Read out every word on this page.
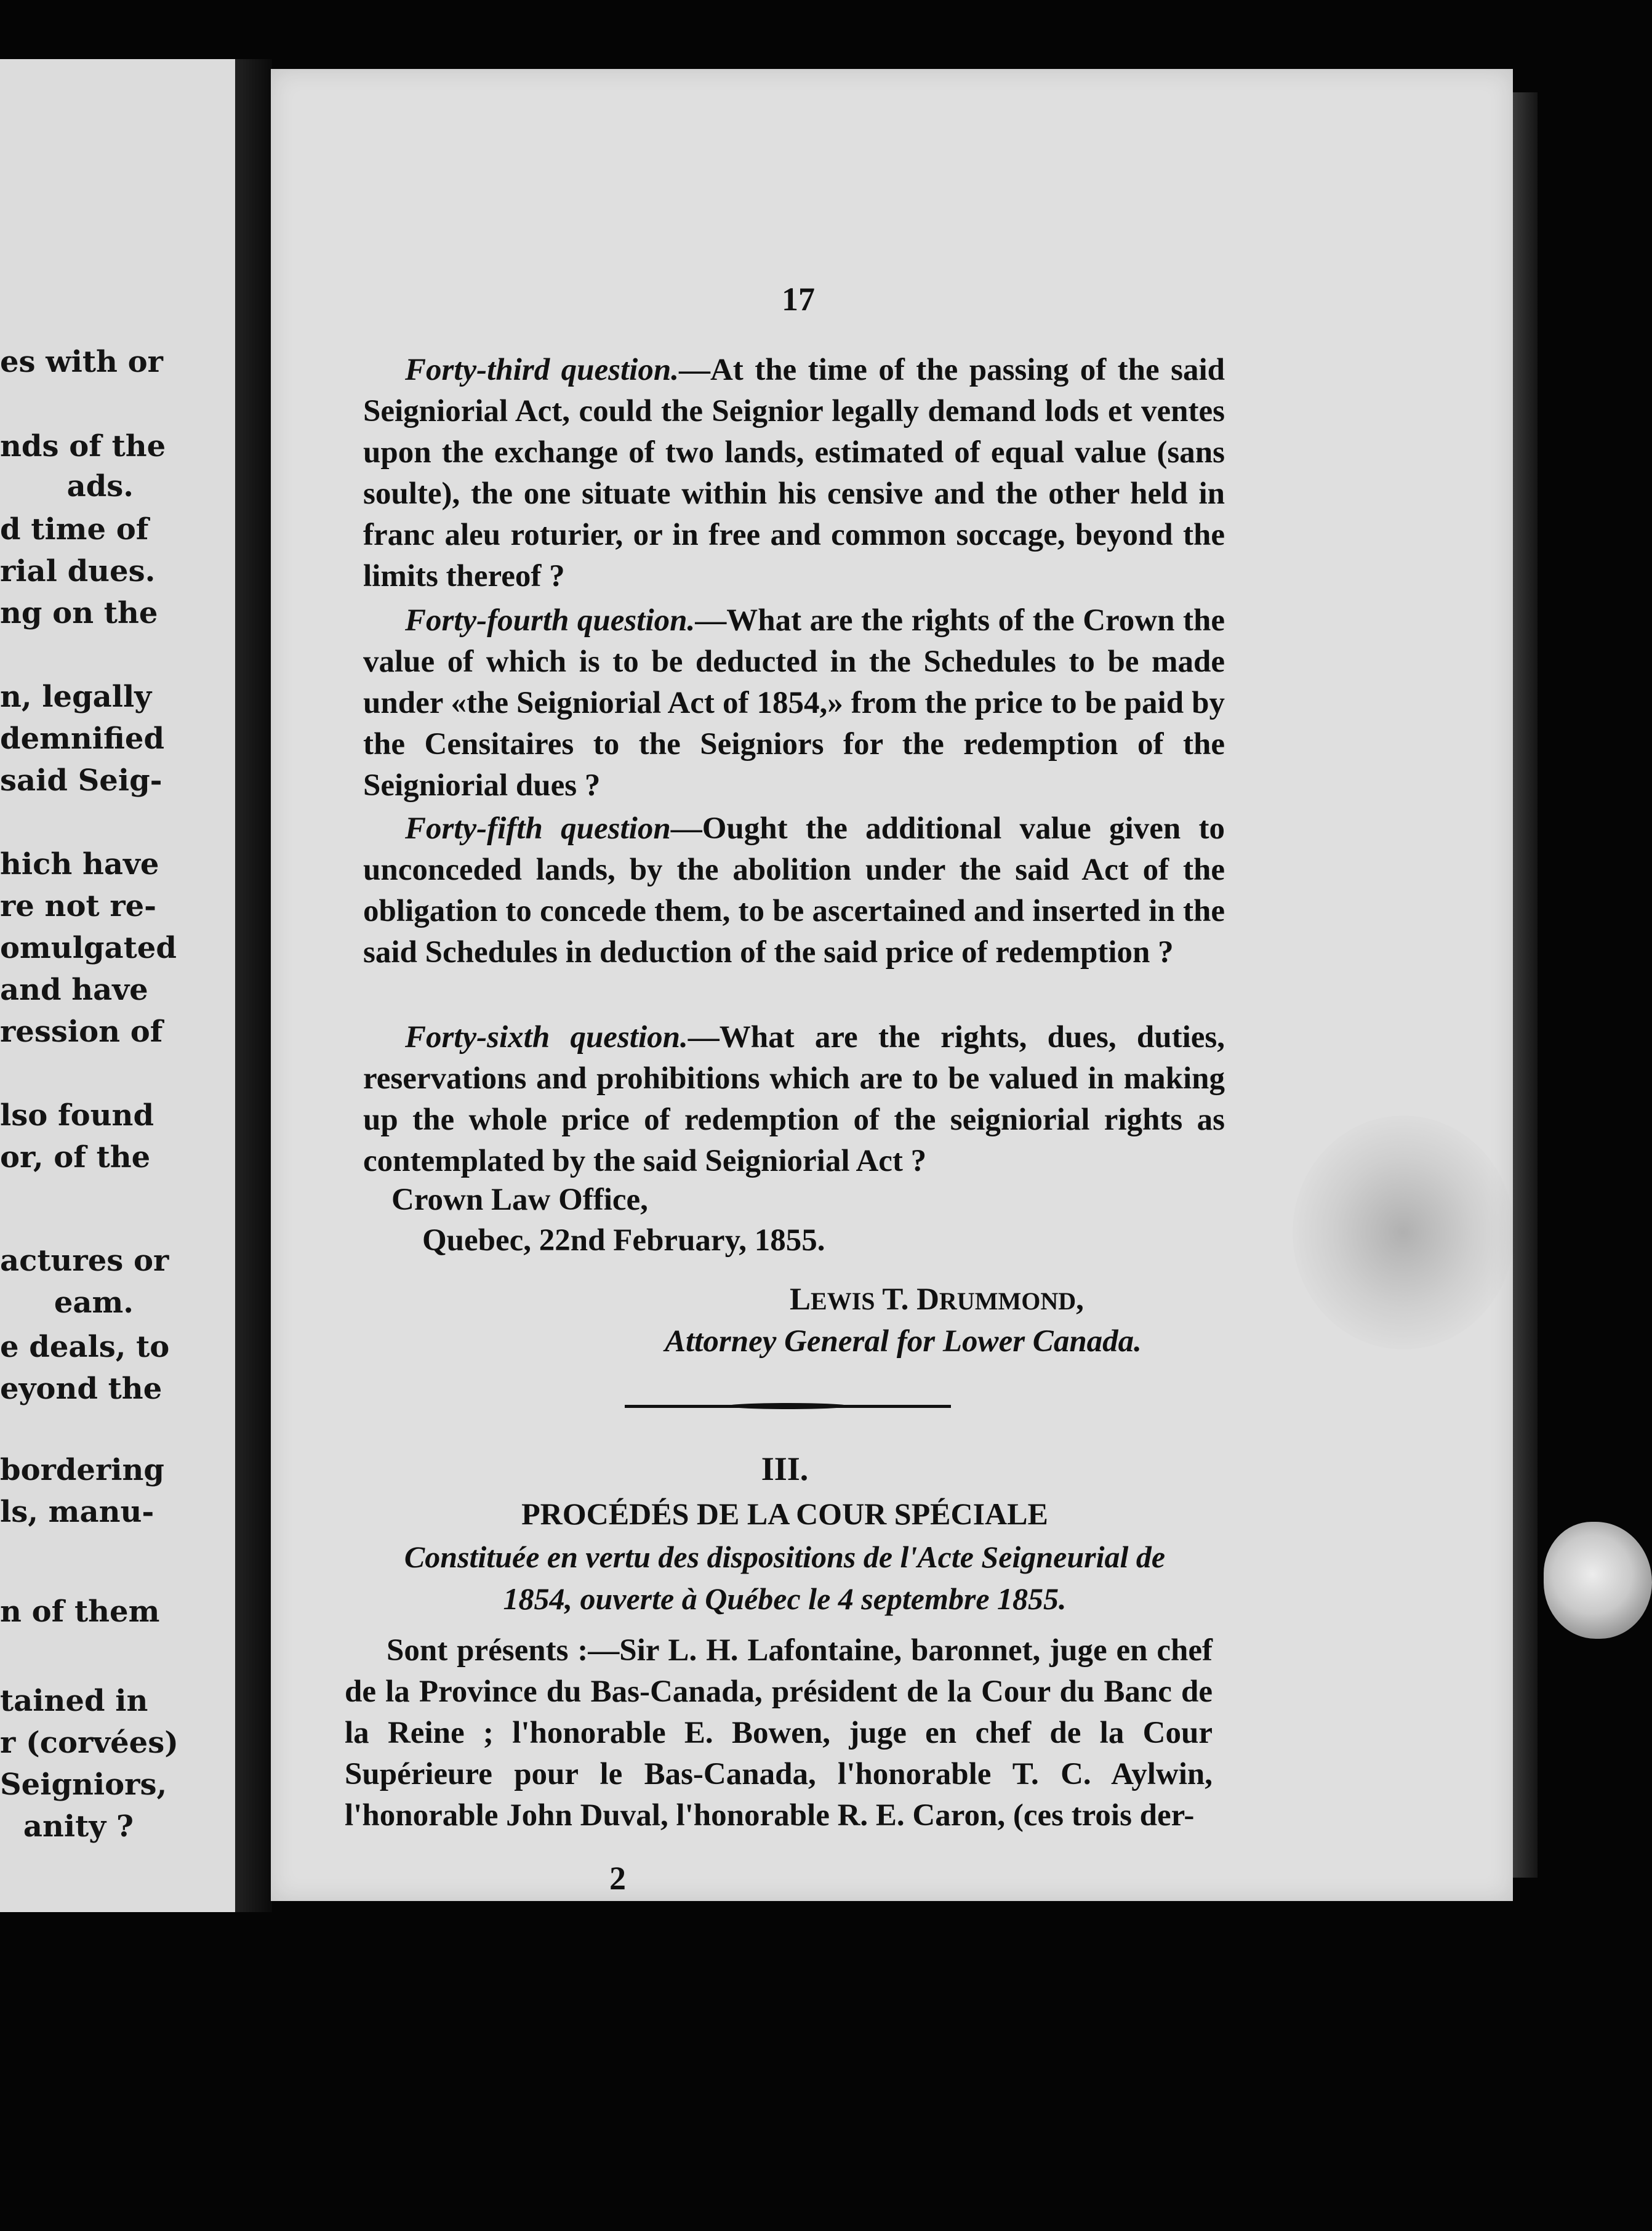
es with or
nds of the
ads.
d time of
rial dues.
ng on the
n, legally
demnified
said Seig-
hich have
re not re-
omulgated
and have
ression of
lso found
or, of the
actures or
eam.
e deals, to
eyond the
bordering
ls, manu-
n of them
tained in
r (corvées)
Seigniors,
anity ?
17
Forty-third question.—At the time of the passing of the said Seigniorial Act, could the Seignior legally demand lods et ventes upon the exchange of two lands, estimated of equal value (sans soulte), the one situate within his censive and the other held in franc aleu roturier, or in free and common soccage, beyond the limits thereof ?
Forty-fourth question.—What are the rights of the Crown the value of which is to be deducted in the Schedules to be made under «the Seigniorial Act of 1854,» from the price to be paid by the Censitaires to the Seigniors for the redemption of the Seigniorial dues ?
Forty-fifth question—Ought the additional value given to unconceded lands, by the abolition under the said Act of the obligation to concede them, to be ascertained and inserted in the said Schedules in deduction of the said price of redemption ?
Forty-sixth question.—What are the rights, dues, duties, reservations and prohibitions which are to be valued in making up the whole price of redemption of the seigniorial rights as contemplated by the said Seigniorial Act ?
Crown Law Office,
Quebec, 22nd February, 1855.
LEWIS T. DRUMMOND,
Attorney General for Lower Canada.
III.
PROCÉDÉS DE LA COUR SPÉCIALE
Constituée en vertu des dispositions de l'Acte Seigneurial de
1854, ouverte à Québec le 4 septembre 1855.
Sont présents :—Sir L. H. Lafontaine, baronnet, juge en chef de la Province du Bas-Canada, président de la Cour du Banc de la Reine ; l'honorable E. Bowen, juge en chef de la Cour Supérieure pour le Bas-Canada, l'honorable T. C. Aylwin, l'honorable John Duval, l'honorable R. E. Caron, (ces trois der-
2
